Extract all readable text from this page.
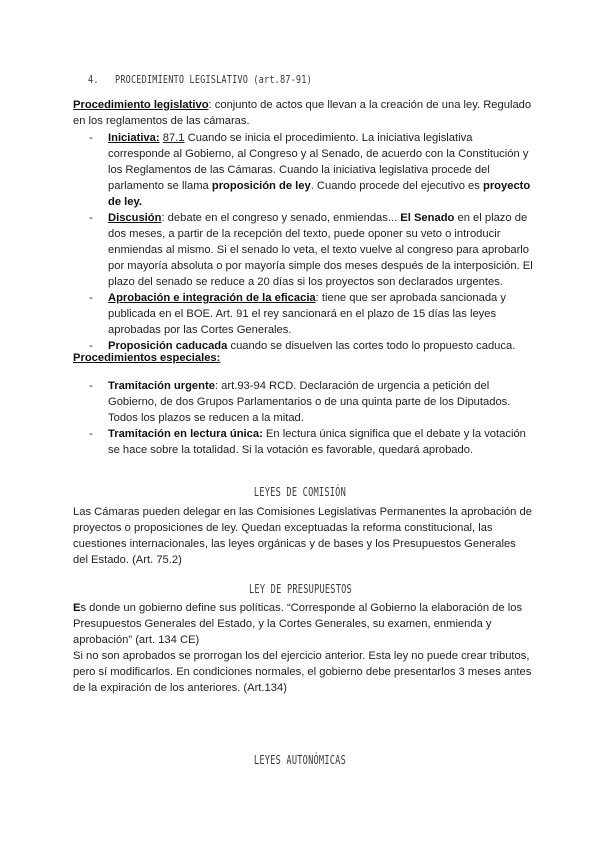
4. PROCEDIMIENTO LEGISLATIVO (art.87-91)

Procedimiento legislativo: conjunto de actos que llevan a la creación de una ley. Regulado en los reglamentos de las cámaras.

- Iniciativa: 87.1 Cuando se inicia el procedimiento. La iniciativa legislativa corresponde al Gobierno, al Congreso y al Senado, de acuerdo con la Constitución y los Reglamentos de las Cámaras. Cuando la iniciativa legislativa procede del parlamento se llama proposición de ley. Cuando procede del ejecutivo es proyecto de ley.
- Discusión: debate en el congreso y senado, enmiendas... El Senado en el plazo de dos meses, a partir de la recepción del texto, puede oponer su veto o introducir enmiendas al mismo. Si el senado lo veta, el texto vuelve al congreso para aprobarlo por mayoría absoluta o por mayoría simple dos meses después de la interposición. El plazo del senado se reduce a 20 días si los proyectos son declarados urgentes.
- Aprobación e integración de la eficacia: tiene que ser aprobada sancionada y publicada en el BOE. Art. 91 el rey sancionará en el plazo de 15 días las leyes aprobadas por las Cortes Generales.
- Proposición caducada cuando se disuelven las cortes todo lo propuesto caduca.
Procedimientos especiales:
- Tramitación urgente: art.93-94 RCD. Declaración de urgencia a petición del Gobierno, de dos Grupos Parlamentarios o de una quinta parte de los Diputados. Todos los plazos se reducen a la mitad.
- Tramitación en lectura única: En lectura única significa que el debate y la votación se hace sobre la totalidad. Si la votación es favorable, quedará aprobado.
LEYES DE COMISIÓN

Las Cámaras pueden delegar en las Comisiones Legislativas Permanentes la aprobación de proyectos o proposiciones de ley. Quedan exceptuadas la reforma constitucional, las cuestiones internacionales, las leyes orgánicas y de bases y los Presupuestos Generales del Estado. (Art. 75.2)

LEY DE PRESUPUESTOS

Es donde un gobierno define sus políticas. “Corresponde al Gobierno la elaboración de los Presupuestos Generales del Estado, y la Cortes Generales, su examen, enmienda y aprobación” (art. 134 CE)

Si no son aprobados se prorrogan los del ejercicio anterior. Esta ley no puede crear tributos, pero sí modificarlos. En condiciones normales, el gobierno debe presentarlos 3 meses antes de la expiración de los anteriores. (Art.134)

LEYES AUTONÓMICAS
